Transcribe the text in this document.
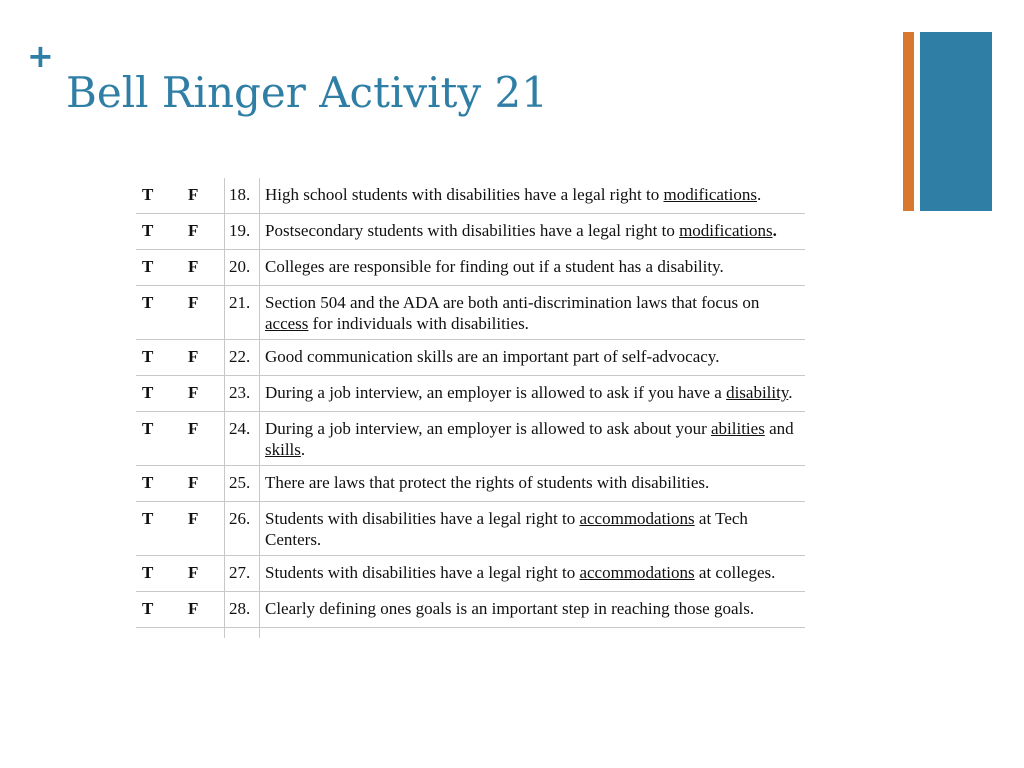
+
Bell Ringer Activity 21
T	F	18.	High school students with disabilities have a legal right to modifications.
T	F	19.	Postsecondary students with disabilities have a legal right to modifications.
T	F	20.	Colleges are responsible for finding out if a student has a disability.
T	F	21.	Section 504 and the ADA are both anti-discrimination laws that focus on access for individuals with disabilities.
T	F	22.	Good communication skills are an important part of self-advocacy.
T	F	23.	During a job interview, an employer is allowed to ask if you have a disability.
T	F	24.	During a job interview, an employer is allowed to ask about your abilities and skills.
T	F	25.	There are laws that protect the rights of students with disabilities.
T	F	26.	Students with disabilities have a legal right to accommodations at Tech Centers.
T	F	27.	Students with disabilities have a legal right to accommodations at colleges.
T	F	28.	Clearly defining ones goals is an important step in reaching those goals.
